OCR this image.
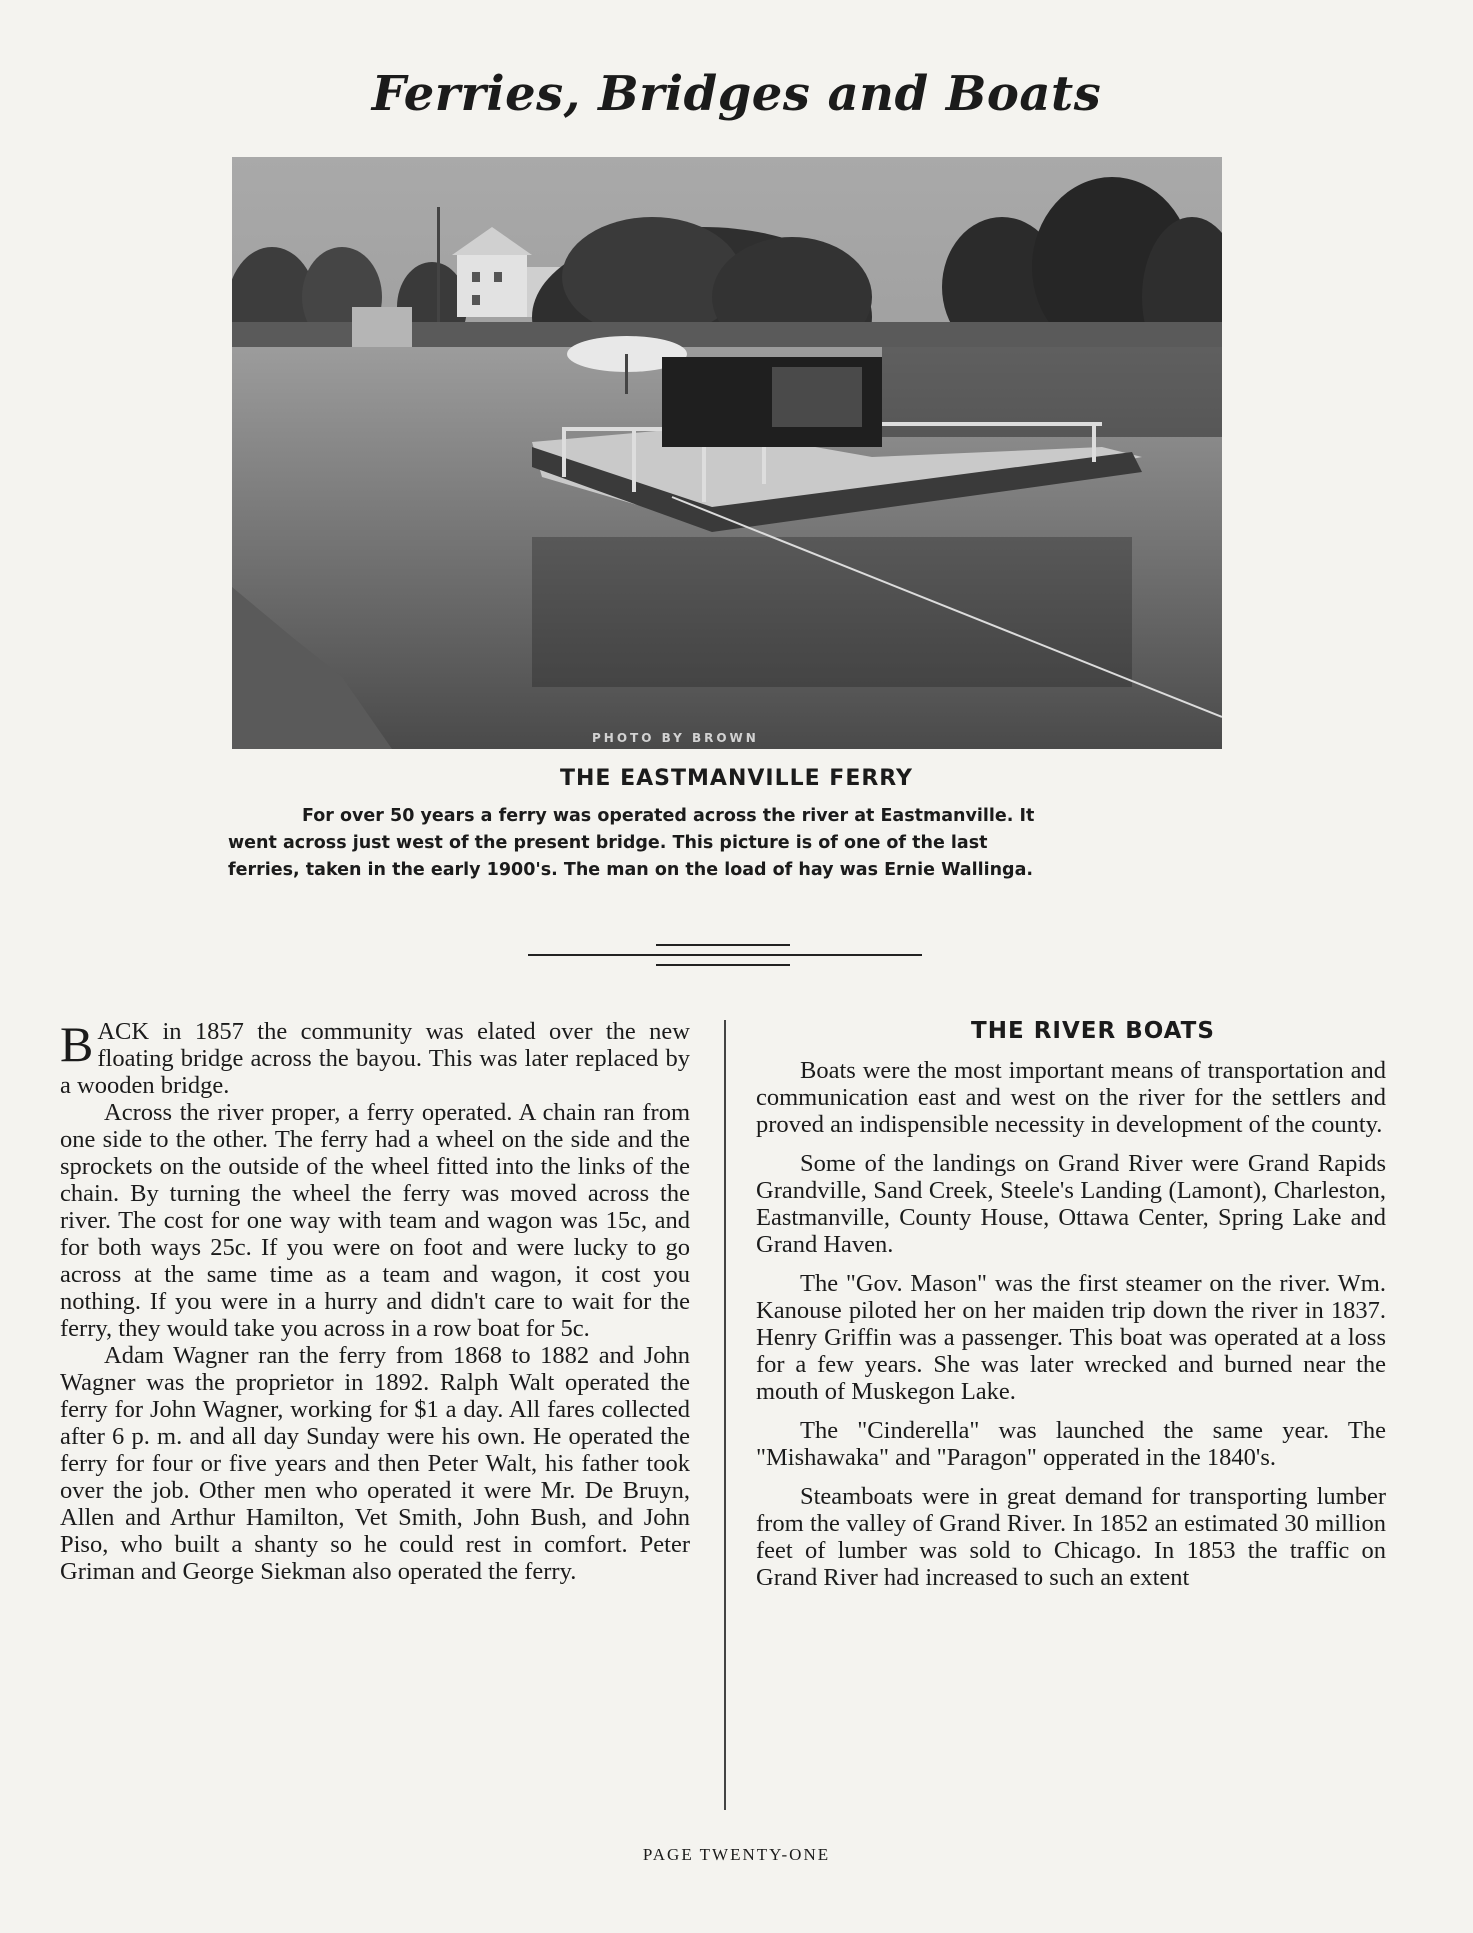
Ferries, Bridges and Boats
PHOTO BY BROWN
THE EASTMANVILLE FERRY
For over 50 years a ferry was operated across the river at Eastmanville. It
went across just west of the present bridge. This picture is of one of the last
ferries, taken in the early 1900's. The man on the load of hay was Ernie Wallinga.

BACK in 1857 the community was elated over the new floating bridge across the bayou. This was later replaced by a wooden bridge.

Across the river proper, a ferry operated. A chain ran from one side to the other. The ferry had a wheel on the side and the sprockets on the outside of the wheel fitted into the links of the chain. By turning the wheel the ferry was moved across the river. The cost for one way with team and wagon was 15c, and for both ways 25c. If you were on foot and were lucky to go across at the same time as a team and wagon, it cost you nothing. If you were in a hurry and didn't care to wait for the ferry, they would take you across in a row boat for 5c.

Adam Wagner ran the ferry from 1868 to 1882 and John Wagner was the proprietor in 1892. Ralph Walt operated the ferry for John Wagner, working for $1 a day. All fares collected after 6 p. m. and all day Sunday were his own. He operated the ferry for four or five years and then Peter Walt, his father took over the job. Other men who operated it were Mr. De Bruyn, Allen and Arthur Hamilton, Vet Smith, John Bush, and John Piso, who built a shanty so he could rest in comfort. Peter Griman and George Siekman also operated the ferry.

THE RIVER BOATS

Boats were the most important means of transportation and communication east and west on the river for the settlers and proved an indispensible necessity in development of the county.

Some of the landings on Grand River were Grand Rapids Grandville, Sand Creek, Steele's Landing (Lamont), Charleston, Eastmanville, County House, Ottawa Center, Spring Lake and Grand Haven.

The "Gov. Mason" was the first steamer on the river. Wm. Kanouse piloted her on her maiden trip down the river in 1837. Henry Griffin was a passenger. This boat was operated at a loss for a few years. She was later wrecked and burned near the mouth of Muskegon Lake.

The "Cinderella" was launched the same year. The "Mishawaka" and "Paragon" opperated in the 1840's.

Steamboats were in great demand for transporting lumber from the valley of Grand River. In 1852 an estimated 30 million feet of lumber was sold to Chicago. In 1853 the traffic on Grand River had increased to such an extent

PAGE TWENTY-ONE
